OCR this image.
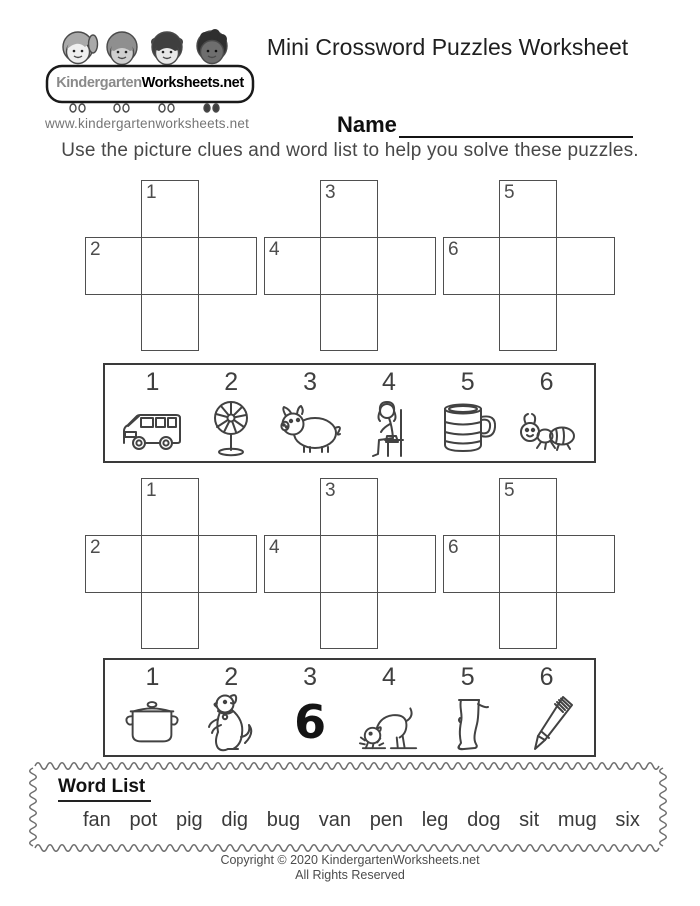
Kindergarten Worksheets.net
www.kindergartenworksheets.net
Mini Crossword Puzzles Worksheet
Name
Use the picture clues and word list to help you solve these puzzles.
1
2
3
4
5
6
1	2	3	4	5	6
1
2
3
4
5
6
1	2	3
6
4	5	6
Word List
fan pot pig dig bug van pen leg dog sit mug six
Copyright © 2020 KindergartenWorksheets.net
All Rights Reserved
